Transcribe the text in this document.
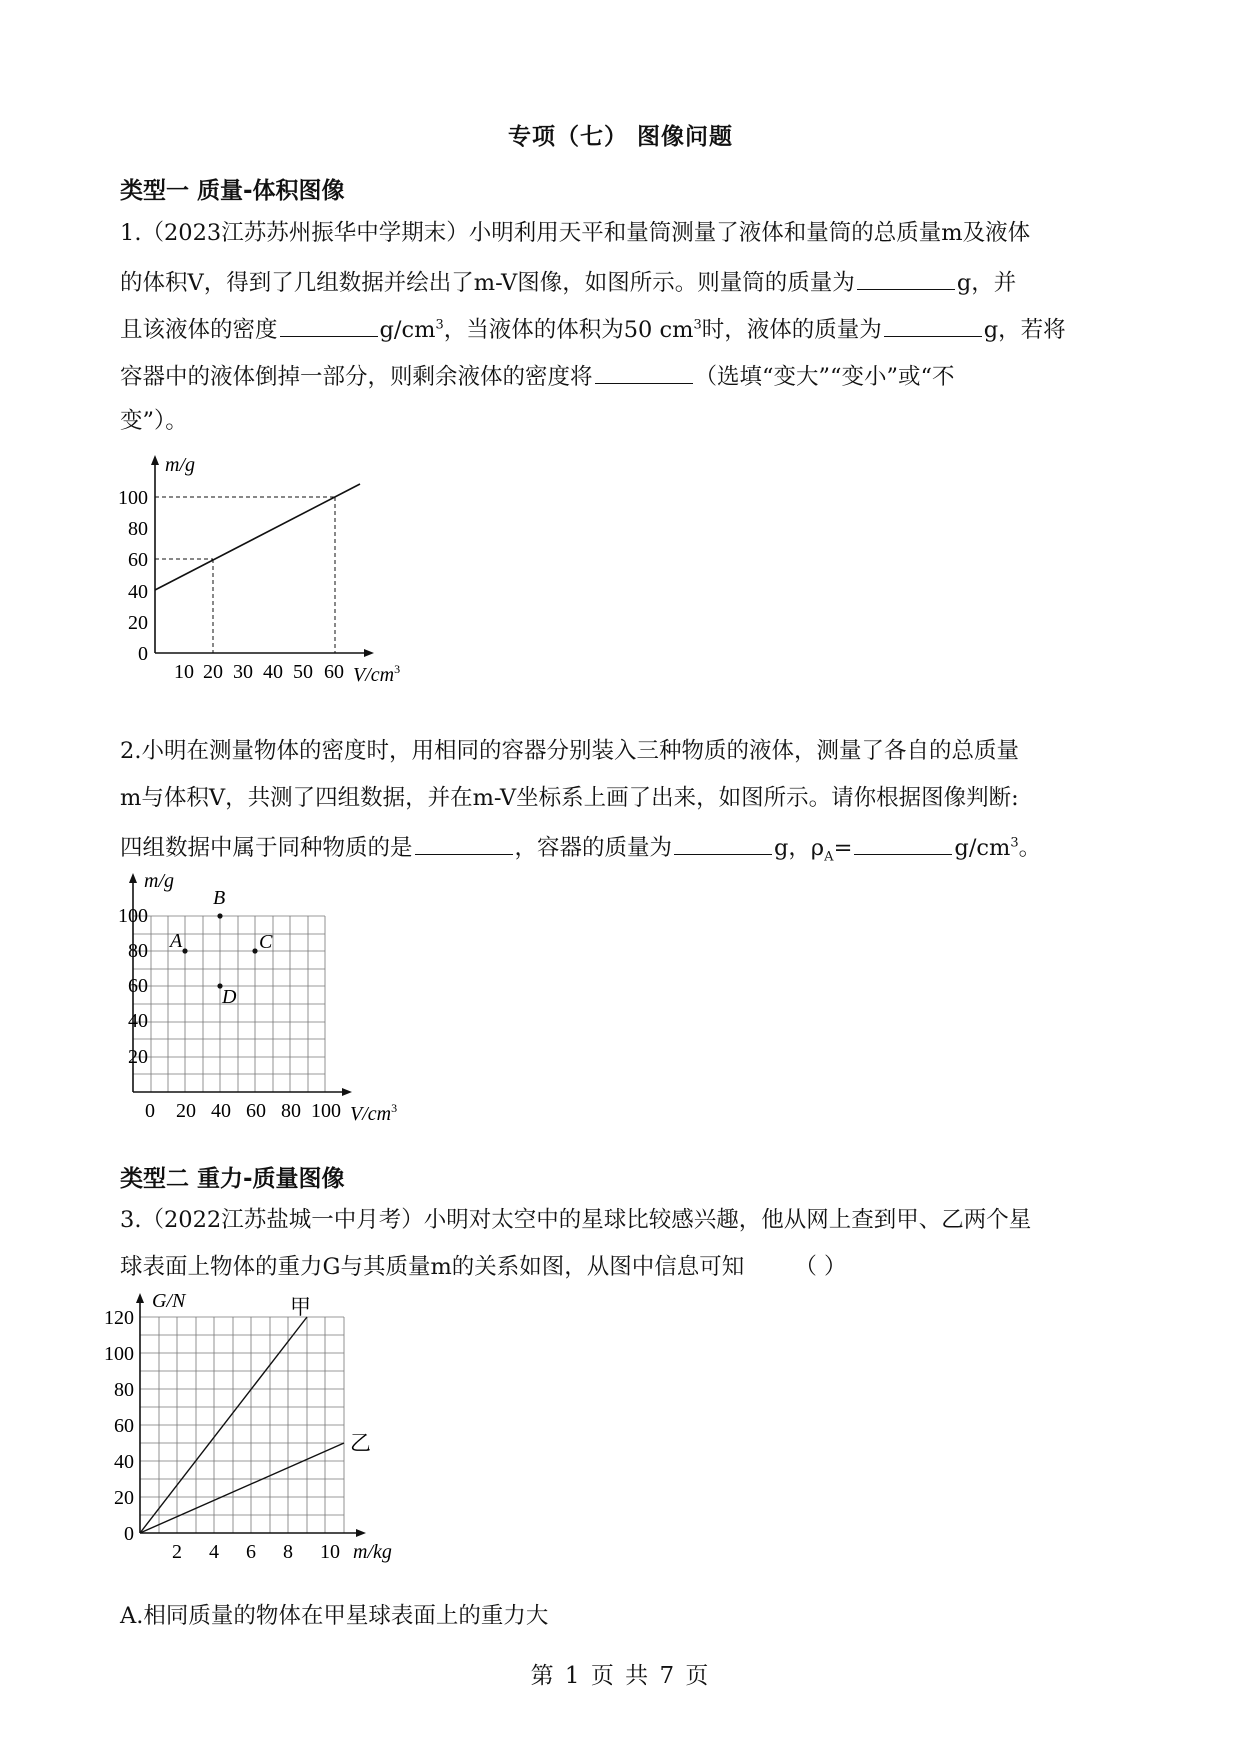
专项（七） 图像问题
类型一 质量-体积图像
1.（2023江苏苏州振华中学期末）小明利用天平和量筒测量了液体和量筒的总质量m及液体
的体积V，得到了几组数据并绘出了m-V图像，如图所示。则量筒的质量为	g，并
且该液体的密度	$g/cm^3$，当液体的体积为50 $cm^3$时，液体的质量为	g，若将
容器中的液体倒掉一部分，则剩余液体的密度将	（选填“变大”“变小”或“不
变”）。
m/g
0
20
40
60
80
100
10 20 30 40 50 60 $V/cm^3$
2.小明在测量物体的密度时，用相同的容器分别装入三种物质的液体，测量了各自的总质量
m与体积V，共测了四组数据，并在m-V坐标系上画了出来，如图所示。请你根据图像判断:
四组数据中属于同种物质的是	，容器的质量为	g，$\rho_A=$	$g/cm^3$。
m/g
100
80
60
40
20
0 20 40 60 80 100 $V/cm^3$
A
B
C
D
类型二 重力-质量图像
3.（2022江苏盐城一中月考）小明对太空中的星球比较感兴趣，他从网上查到甲、乙两个星
球表面上物体的重力G与其质量m的关系如图，从图中信息可知 （ ）
甲
乙
G/N
0
20
40
60
80
100
120
2 4 6 8 10 m/kg
A.相同质量的物体在甲星球表面上的重力大
第 1 页 共 7 页
